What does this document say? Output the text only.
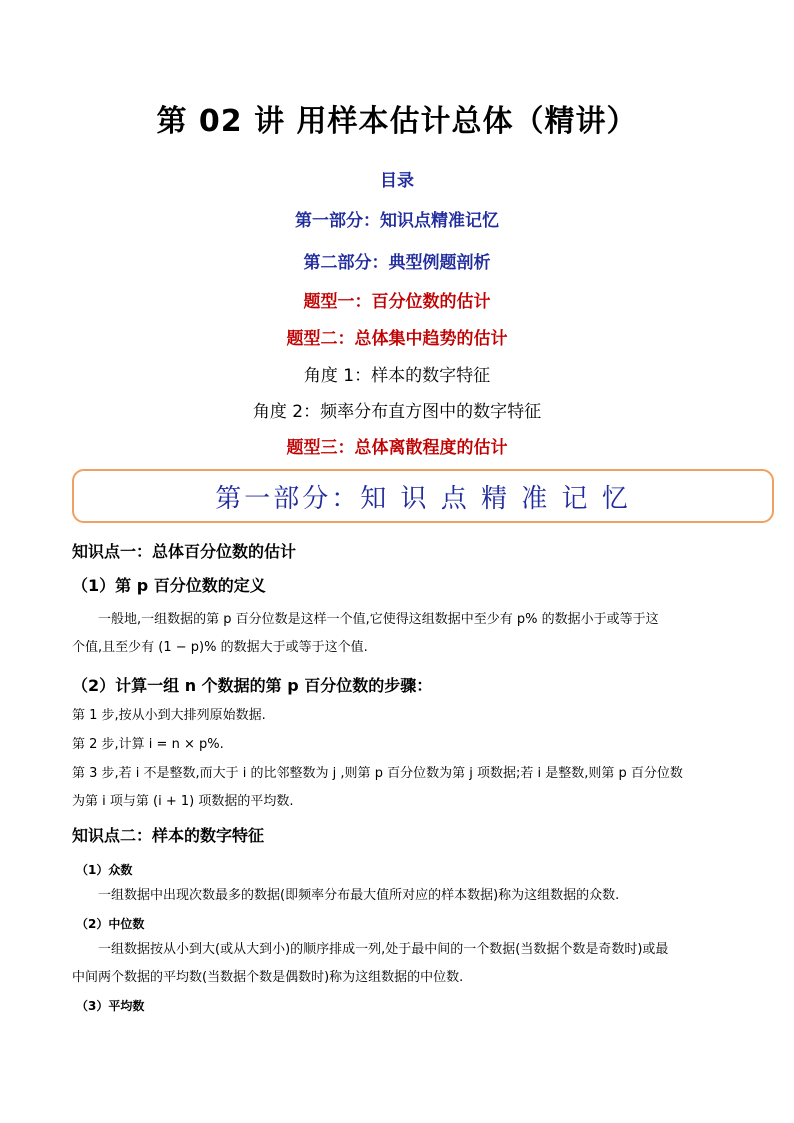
第 02 讲 用样本估计总体（精讲）
目录
第一部分：知识点精准记忆
第二部分：典型例题剖析
题型一：百分位数的估计
题型二：总体集中趋势的估计
角度 1：样本的数字特征
角度 2：频率分布直方图中的数字特征
题型三：总体离散程度的估计
第一部分：知 识 点 精 准 记 忆
知识点一：总体百分位数的估计
（1）第 p 百分位数的定义
一般地,一组数据的第 p 百分位数是这样一个值,它使得这组数据中至少有 p% 的数据小于或等于这
个值,且至少有 (1 − p)% 的数据大于或等于这个值.
（2）计算一组 n 个数据的第 p 百分位数的步骤：
第 1 步,按从小到大排列原始数据.
第 2 步,计算 i = n × p%.
第 3 步,若 i 不是整数,而大于 i 的比邻整数为 j ,则第 p 百分位数为第 j 项数据;若 i 是整数,则第 p 百分位数
为第 i 项与第 (i + 1) 项数据的平均数.
知识点二：样本的数字特征
（1）众数
一组数据中出现次数最多的数据(即频率分布最大值所对应的样本数据)称为这组数据的众数.
（2）中位数
一组数据按从小到大(或从大到小)的顺序排成一列,处于最中间的一个数据(当数据个数是奇数时)或最
中间两个数据的平均数(当数据个数是偶数时)称为这组数据的中位数.
（3）平均数
